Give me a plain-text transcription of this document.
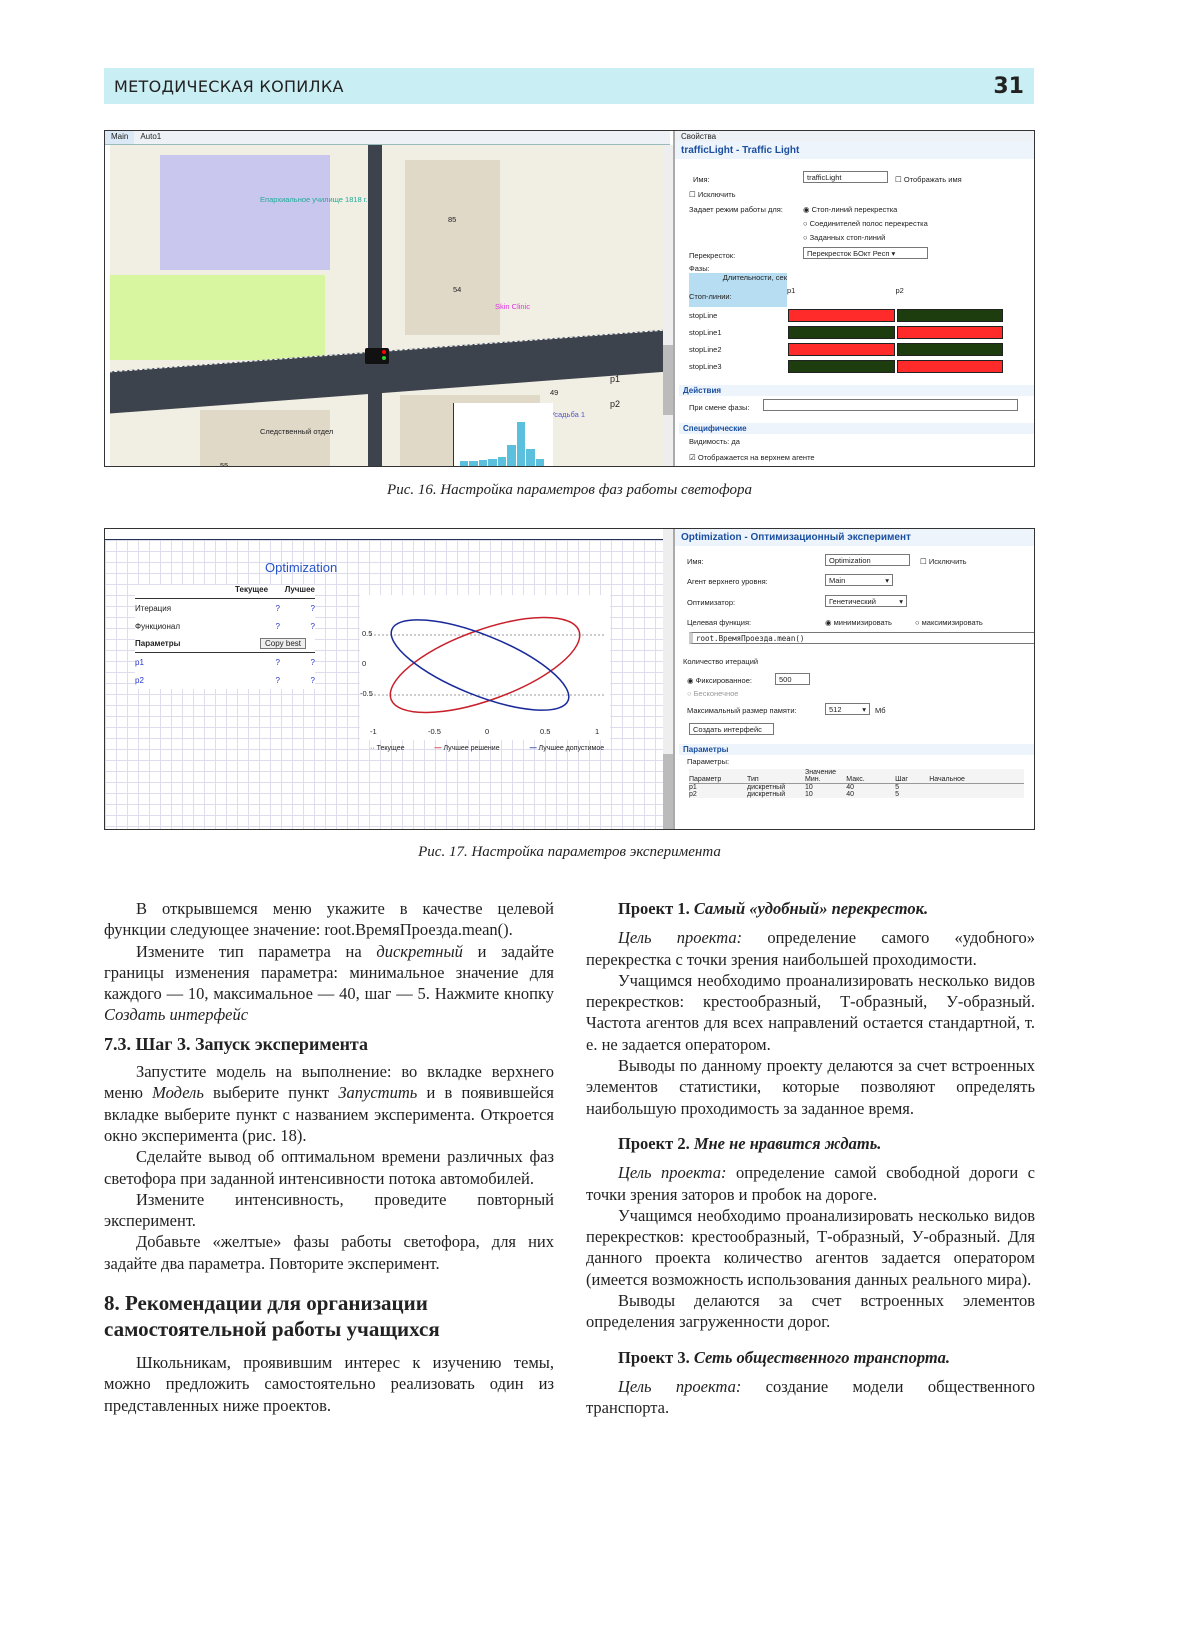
МЕТОДИЧЕСКАЯ КОПИЛКА	31
Main	Auto1
Епархиальное училище 1818 г.
85
54
Skin Clinic
49
Усадьба 1
Следственный отдел
55
p1
p2
Свойства
trafficLight - Traffic Light
Имя:	trafficLight	☐ Отображать имя
☐ Исключить
Задает режим работы для:	◉ Стоп-линий перекрестка
○ Соединителей полос перекрестка
○ Заданных стоп-линий
Перекресток:	Перекресток БОкт Респ ▾
Фазы:
Длительности, сек
Стоп-линии:
	p1	p2
stopLine	

stopLine1	

stopLine2	

stopLine3	

Действия
При смене фазы:
Специфические
Видимость: да
☑ Отображается на верхнем агенте
Рис. 16. Настройка параметров фаз работы светофора
Optimization
Текущее	Лучшее
Итерация	?	?
Функционал	?	?
Параметры	Copy best
p1	?	?
p2	?	?
0.5
0
-0.5
-1	-0.5	0	0.5	1
·· Текущее	— Лучшее решение	— Лучшее допустимое
Optimization - Оптимизационный эксперимент
Имя:	Optimization	☐ Исключить
Агент верхнего уровня:	Main	▾
Оптимизатор:	Генетический	▾
Целевая функция:	◉ минимизировать	○ максимизировать
root.ВремяПроезда.mean()
Количество итераций
◉ Фиксированное:	500
○ Бесконечное
Максимальный размер памяти:	512	▾ Мб
Создать интерфейс
Параметры
Параметры:
		Значение
Параметр	Тип	Мин.	Макс.	Шаг	Начальное	
p1	дискретный	10	40	5		
p2	дискретный	10	40	5		
Рис. 17. Настройка параметров эксперимента

В открывшемся меню укажите в качестве целевой функции следующее значение: root.ВремяПроезда.mean().

Измените тип параметра на дискретный и задайте границы изменения параметра: минимальное значение для каждого — 10, максимальное — 40, шаг — 5. Нажмите кнопку Создать интерфейс

7.3. Шаг 3. Запуск эксперимента

Запустите модель на выполнение: во вкладке верхнего меню Модель выберите пункт Запустить и в появившейся вкладке выберите пункт с названием эксперимента. Откроется окно эксперимента (рис. 18).

Сделайте вывод об оптимальном времени различных фаз светофора при заданной интенсивности потока автомобилей.

Измените интенсивность, проведите повторный эксперимент.

Добавьте «желтые» фазы работы светофора, для них задайте два параметра. Повторите эксперимент.

8. Рекомендации для организации самостоятельной работы учащихся

Школьникам, проявившим интерес к изучению темы, можно предложить самостоятельно реализовать один из представленных ниже проектов.

Проект 1. Самый «удобный» перекресток.

Цель проекта: определение самого «удобного» перекрестка с точки зрения наибольшей проходимости.

Учащимся необходимо проанализировать несколько видов перекрестков: крестообразный, Т-образный, У-образный. Частота агентов для всех направлений остается стандартной, т. е. не задается оператором.

Выводы по данному проекту делаются за счет встроенных элементов статистики, которые позволяют определять наибольшую проходимость за заданное время.

Проект 2. Мне не нравится ждать.

Цель проекта: определение самой свободной дороги с точки зрения заторов и пробок на дороге.

Учащимся необходимо проанализировать несколько видов перекрестков: крестообразный, Т-образный, У-образный. Для данного проекта количество агентов задается оператором (имеется возможность использования данных реального мира).

Выводы делаются за счет встроенных элементов определения загруженности дорог.

Проект 3. Сеть общественного транспорта.

Цель проекта: создание модели общественного транспорта.
